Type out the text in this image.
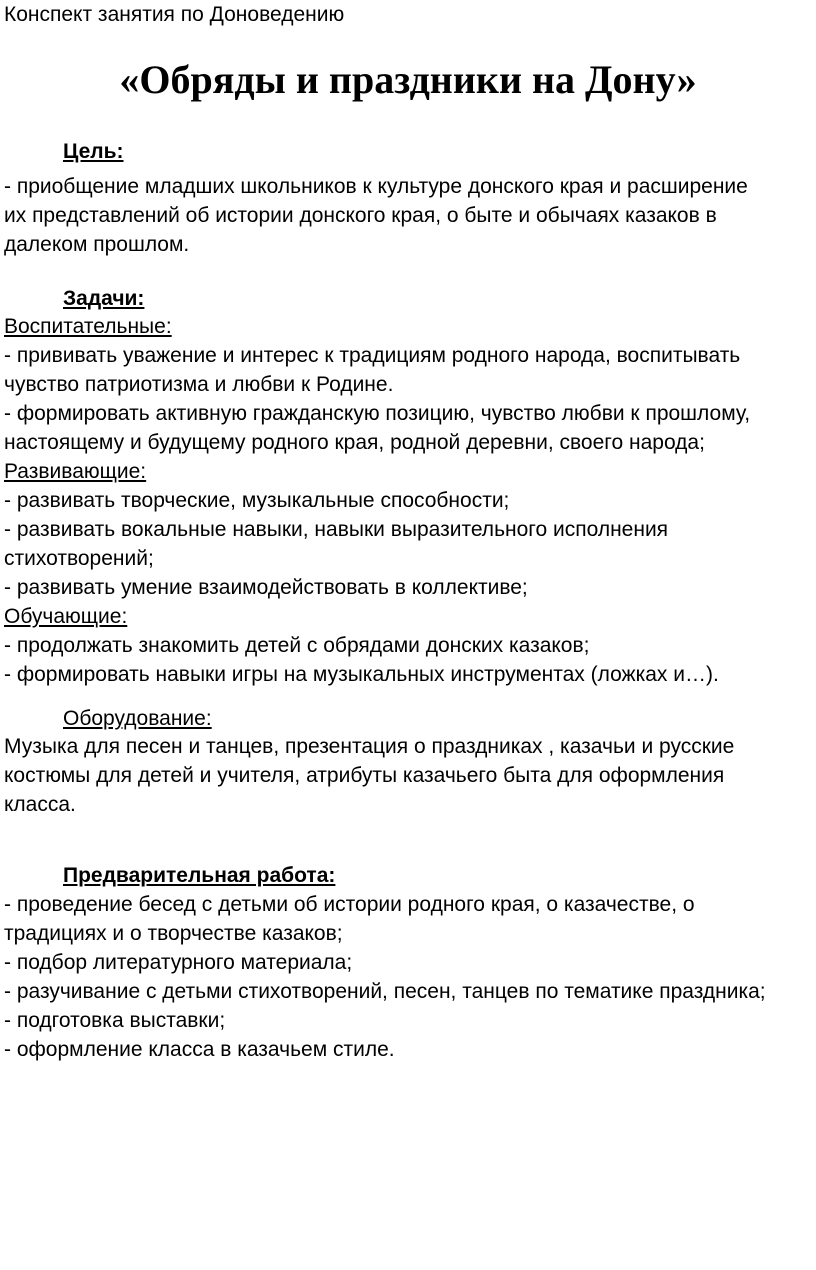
Конспект занятия по Доноведению
«Обряды и праздники на Дону»
Цель:
- приобщение младших школьников к культуре донского края и расширение
их представлений об истории донского края, о быте и обычаях казаков в
далеком прошлом.
Задачи:
Воспитательные:
- прививать уважение и интерес к традициям родного народа, воспитывать
чувство патриотизма и любви к Родине.
- формировать активную гражданскую позицию, чувство любви к прошлому,
настоящему и будущему родного края, родной деревни, своего народа;
Развивающие:
- развивать творческие, музыкальные способности;
- развивать вокальные навыки, навыки выразительного исполнения
стихотворений;
- развивать умение взаимодействовать в коллективе;
Обучающие:
- продолжать знакомить детей с обрядами донских казаков;
- формировать навыки игры на музыкальных инструментах (ложках и…).
Оборудование:
Музыка для песен и танцев, презентация о праздниках , казачьи и русские
костюмы для детей и учителя, атрибуты казачьего быта для оформления
класса.
Предварительная работа:
- проведение бесед с детьми об истории родного края, о казачестве, о
традициях и о творчестве казаков;
- подбор литературного материала;
- разучивание с детьми стихотворений, песен, танцев по тематике праздника;
- подготовка выставки;
- оформление класса в казачьем стиле.
